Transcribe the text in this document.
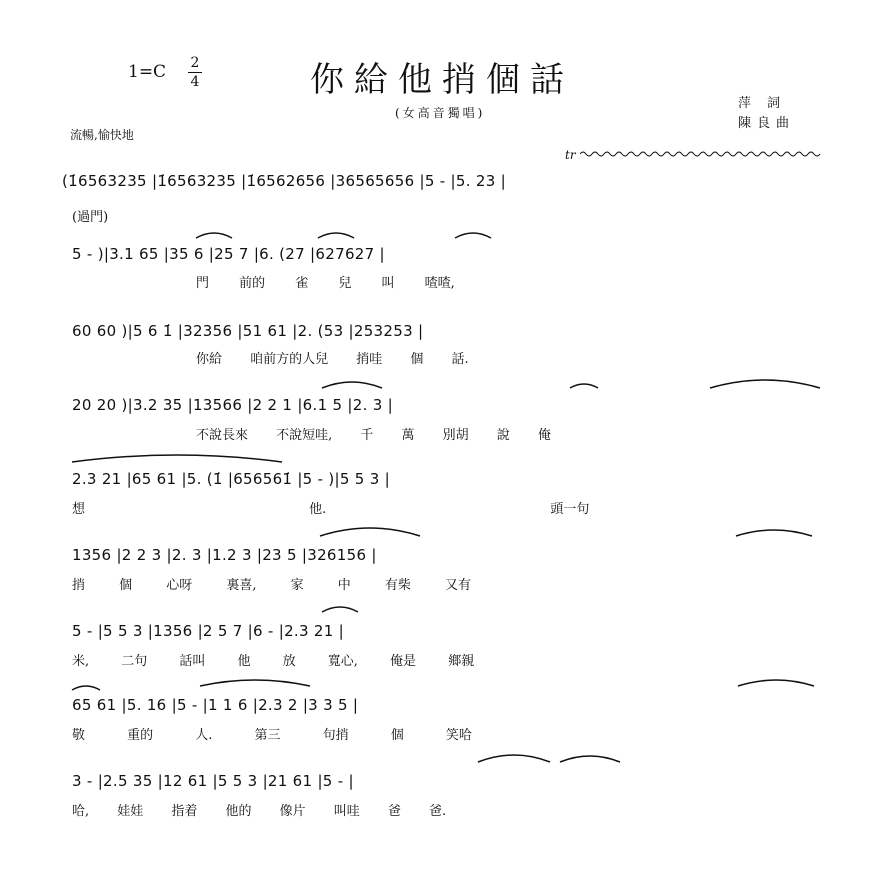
1=C 2
4	你給他捎個話
(女高音獨唱)
萍 詞
陳良曲
流暢,愉快地
tr
(1̇6563235 |1̇6563235 |1̇6562656 |36565656 |5 - |5. 23 |
(過門)
5 - )|3.1 65 |35 6 |25 7 |6. (27 |627627 |
門 前的 雀 兒 叫 喳喳,
60 60 )|5 6 1̇ |32356 |51 61 |2. (53 |253253 |
你給 咱前方的人兒 捎哇 個 話.
20 20 )|3.2 35 |13566 |2 2 1 |6.1 5 |2. 3 |
不說長來 不說短哇, 千 萬 別胡 說 俺
2.3 21 |65 61 |5. (1̇ |656561̇ |5 - )|5 5 3 |
想 他. 頭一句
1356 |2 2 3 |2. 3 |1.2 3 |23 5 |326156 |
捎 個 心呀 裏喜, 家 中 有柴 又有
5 - |5 5 3 |1356 |2 5 7 |6 - |2.3 21 |
米, 二句 話叫 他 放 寬心, 俺是 鄉親
65 61 |5. 16 |5 - |1 1 6 |2.3 2 |3 3 5 |
敬 重的 人. 第三 句捎 個 笑哈
3 - |2.5 35 |12 61 |5 5 3 |21 61 |5 - |
哈, 娃娃 指着 他的 像片 叫哇 爸 爸.
